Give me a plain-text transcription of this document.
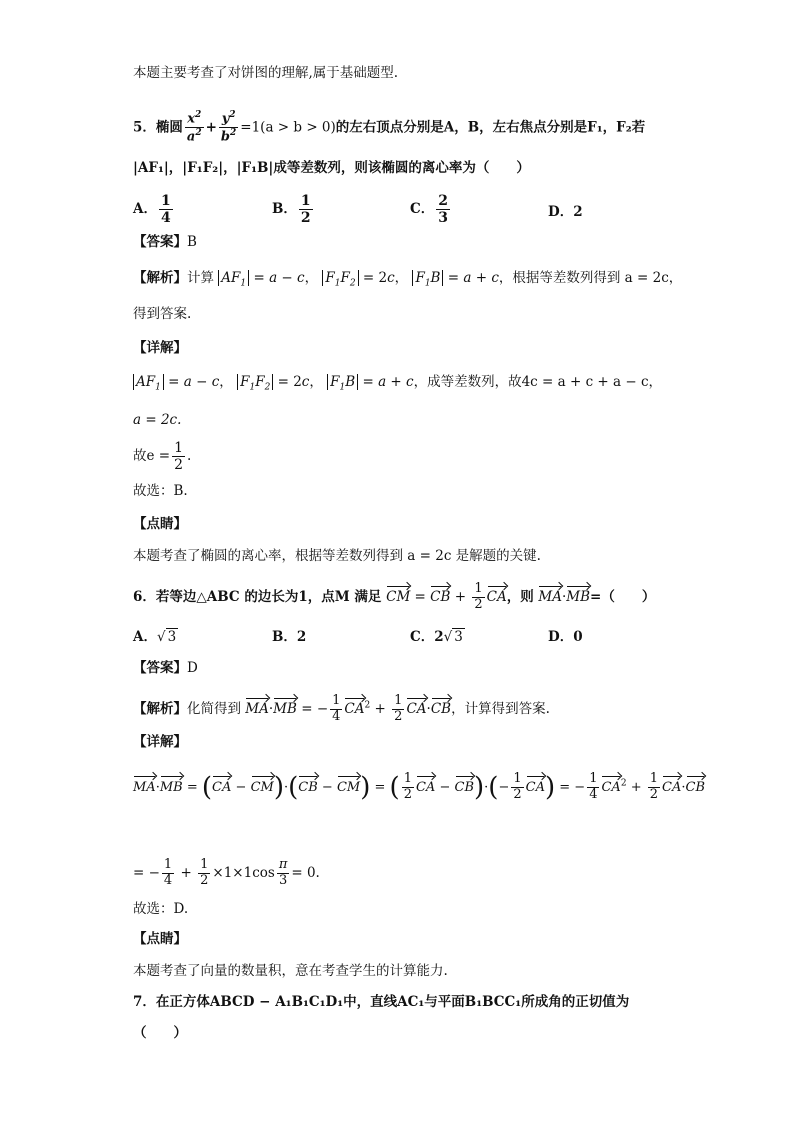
本题主要考查了对饼图的理解,属于基础题型.
5．椭圆 $\frac{x^2}{a^2} + \frac{y^2}{b^2} =1(a > b > 0)$的左右顶点分别是A，B，左右焦点分别是F₁，F₂若
|AF₁|，|F₁F₂|，|F₁B|成等差数列，则该椭圆的离心率为（　　）
A． $\frac{1}{4}$	B． $\frac{1}{2}$	C． $\frac{2}{3}$	D．2
【答案】B
【解析】计算 $AF_1 = a - c$， $F_1F_2 = 2c$， $F_1B = a + c$，根据等差数列得到 a = 2c，
得到答案.
【详解】
$AF_1 = a - c$， $F_1F_2 = 2c$， $F_1B = a + c$，成等差数列，故4c = a + c + a − c，
a = 2c.
故$e = \frac{1}{2}$ .
故选：B.
【点睛】
本题考查了椭圆的离心率，根据等差数列得到 a = 2c 是解题的关键.
6．若等边△ABC 的边长为1，点M 满足 CM = CB + $\frac{1}{2}$ CA，则 MA·MB=（　　）
A．√ 3	B．2	C．2√ 3	D．0
【答案】D
【解析】化简得到 MA·MB = − $\frac{1}{4} CA^2 + \frac{1}{2} CA\cdot CB$，计算得到答案.
【详解】
MA·MB = (CA − CM)·(CB − CM) = ( $\frac{1}{2}$ CA − $CB)\cdot(- \frac{1}{2} CA)$ = − $\frac{1}{4} CA^2 + \frac{1}{2} CA\cdot CB$
= − $\frac{1}{4} + \frac{1}{2} \times 1\times 1\cos \frac{\pi}{3} = 0$.
故选：D.
【点睛】
本题考查了向量的数量积，意在考查学生的计算能力.
7．在正方体ABCD − A₁B₁C₁D₁中，直线AC₁与平面B₁BCC₁所成角的正切值为
（　　）
